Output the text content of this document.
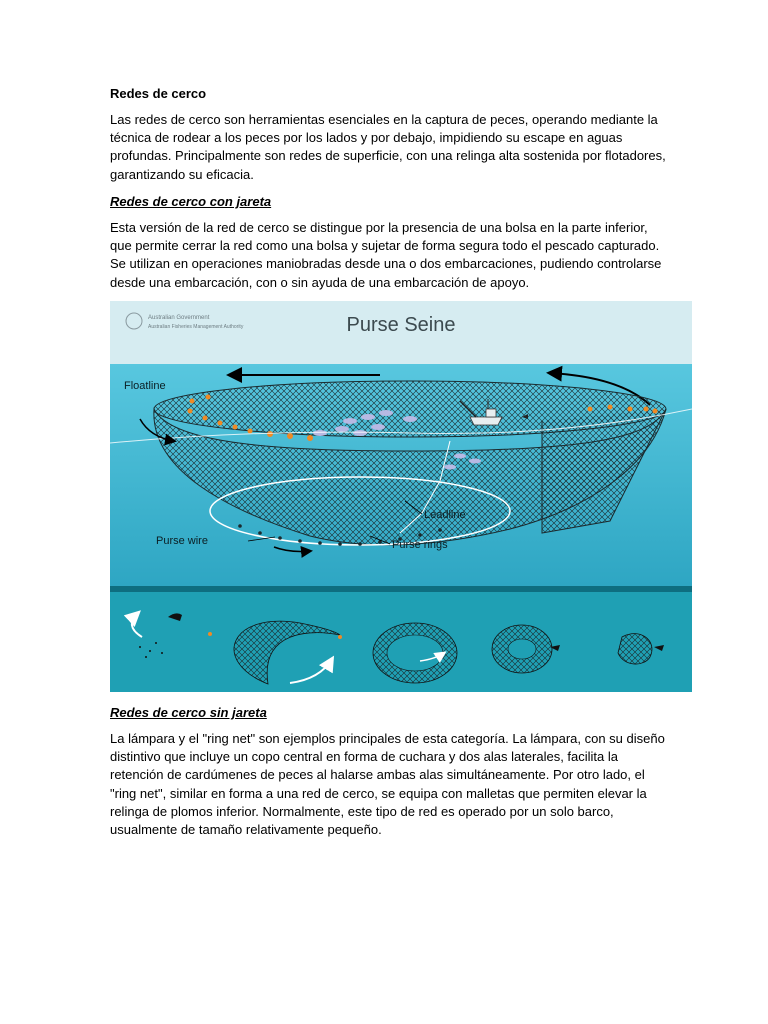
Redes de cerco

Las redes de cerco son herramientas esenciales en la captura de peces, operando mediante la técnica de rodear a los peces por los lados y por debajo, impidiendo su escape en aguas profundas. Principalmente son redes de superficie, con una relinga alta sostenida por flotadores, garantizando su eficacia.

Redes de cerco con jareta

Esta versión de la red de cerco se distingue por la presencia de una bolsa en la parte inferior, que permite cerrar la red como una bolsa y sujetar de forma segura todo el pescado capturado. Se utilizan en operaciones maniobradas desde una o dos embarcaciones, pudiendo controlarse desde una embarcación, con o sin ayuda de una embarcación de apoyo.

Australian Government
Australian Fisheries Management Authority	Purse Seine
Floatline
Leadline
Purse wire	Purse rings
Redes de cerco sin jareta

La lámpara y el "ring net" son ejemplos principales de esta categoría. La lámpara, con su diseño distintivo que incluye un copo central en forma de cuchara y dos alas laterales, facilita la retención de cardúmenes de peces al halarse ambas alas simultáneamente. Por otro lado, el "ring net", similar en forma a una red de cerco, se equipa con malletas que permiten elevar la relinga de plomos inferior. Normalmente, este tipo de red es operado por un solo barco, usualmente de tamaño relativamente pequeño.
